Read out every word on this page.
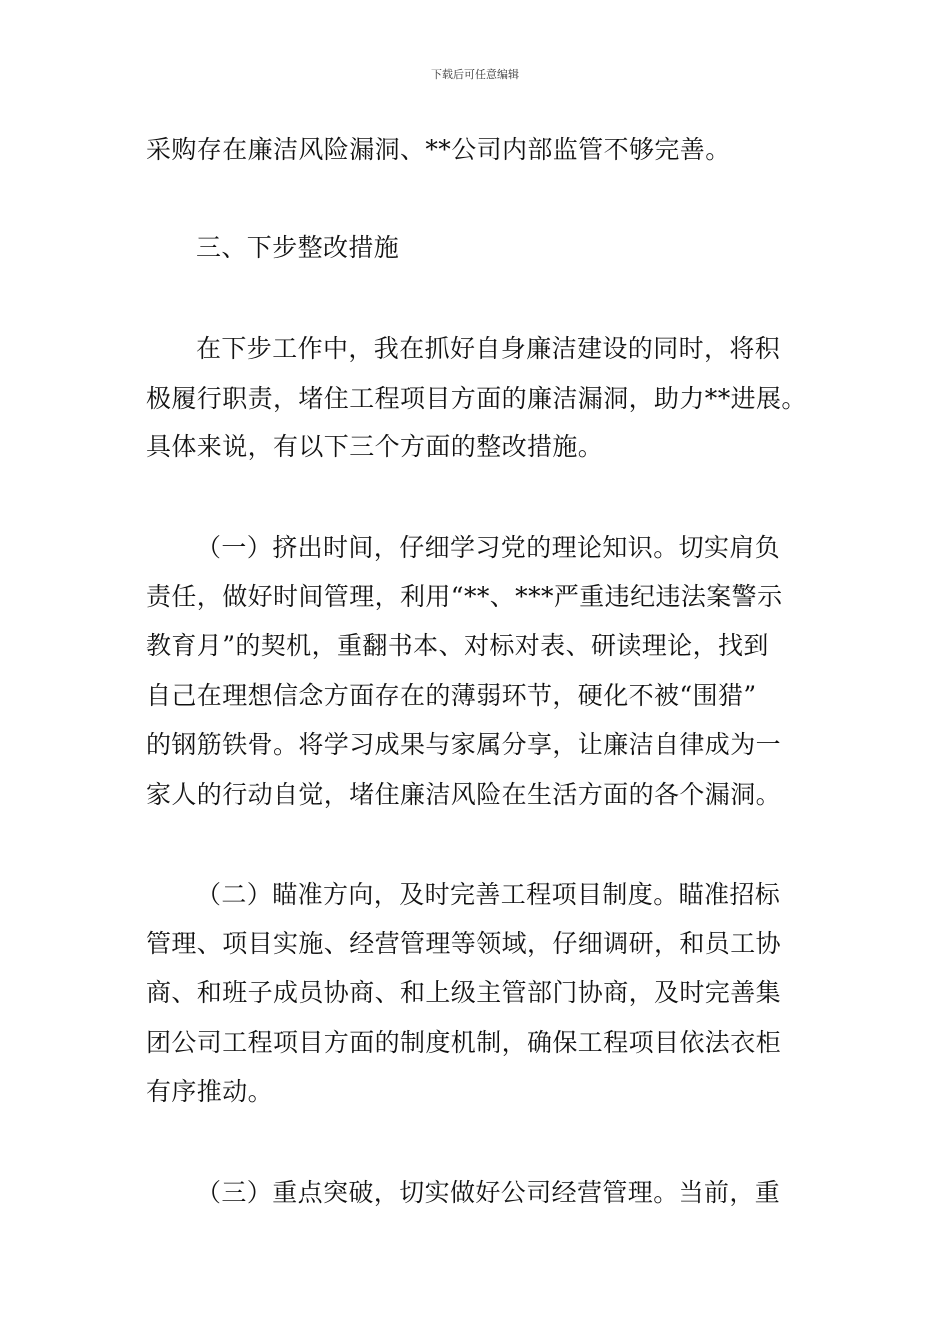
下载后可任意编辑
采购存在廉洁风险漏洞、**公司内部监管不够完善。
三、下步整改措施
在下步工作中，我在抓好自身廉洁建设的同时，将积
极履行职责，堵住工程项目方面的廉洁漏洞，助力**进展。
具体来说，有以下三个方面的整改措施。
（一）挤出时间，仔细学习党的理论知识。切实肩负
责任，做好时间管理，利用“**、***严重违纪违法案警示
教育月”的契机，重翻书本、对标对表、研读理论，找到
自己在理想信念方面存在的薄弱环节，硬化不被“围猎”
的钢筋铁骨。将学习成果与家属分享，让廉洁自律成为一
家人的行动自觉，堵住廉洁风险在生活方面的各个漏洞。
（二）瞄准方向，及时完善工程项目制度。瞄准招标
管理、项目实施、经营管理等领域，仔细调研，和员工协
商、和班子成员协商、和上级主管部门协商，及时完善集
团公司工程项目方面的制度机制，确保工程项目依法衣柜
有序推动。
（三）重点突破，切实做好公司经营管理。当前，重
